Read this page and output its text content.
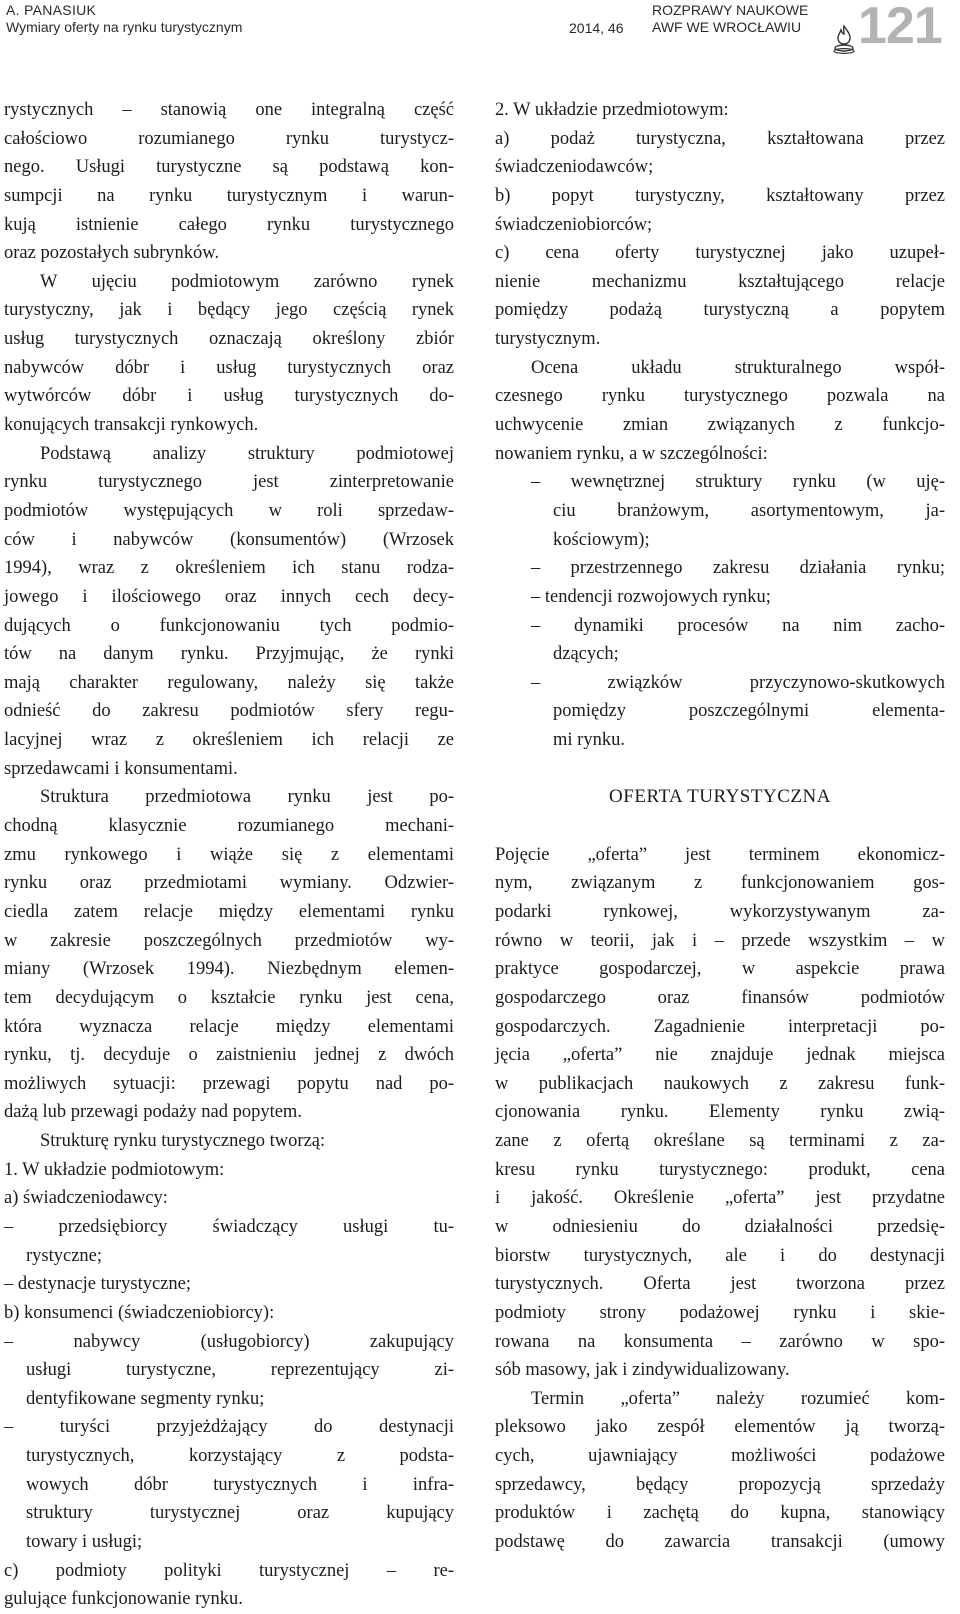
A. PANASIUK
Wymiary oferty na rynku turystycznym	2014, 46
ROZPRAWY NAUKOWE
AWF WE WROCŁAWIU 121
rystycznych – stanowią one integralną część
całościowo rozumianego rynku turystycz-
nego. Usługi turystyczne są podstawą kon-
sumpcji na rynku turystycznym i warun-
kują istnienie całego rynku turystycznego
oraz pozostałych subrynków.
W ujęciu podmiotowym zarówno rynek
turystyczny, jak i będący jego częścią rynek
usług turystycznych oznaczają określony zbiór
nabywców dóbr i usług turystycznych oraz
wytwórców dóbr i usług turystycznych do-
konujących transakcji rynkowych.
Podstawą analizy struktury podmiotowej
rynku turystycznego jest zinterpretowanie
podmiotów występujących w roli sprzedaw-
ców i nabywców (konsumentów) (Wrzosek
1994), wraz z określeniem ich stanu rodza-
jowego i ilościowego oraz innych cech decy-
dujących o funkcjonowaniu tych podmio-
tów na danym rynku. Przyjmując, że rynki
mają charakter regulowany, należy się także
odnieść do zakresu podmiotów sfery regu-
lacyjnej wraz z określeniem ich relacji ze
sprzedawcami i konsumentami.
Struktura przedmiotowa rynku jest po-
chodną klasycznie rozumianego mechani-
zmu rynkowego i wiąże się z elementami
rynku oraz przedmiotami wymiany. Odzwier-
ciedla zatem relacje między elementami rynku
w zakresie poszczególnych przedmiotów wy-
miany (Wrzosek 1994). Niezbędnym elemen-
tem decydującym o kształcie rynku jest cena,
która wyznacza relacje między elementami
rynku, tj. decyduje o zaistnieniu jednej z dwóch
możliwych sytuacji: przewagi popytu nad po-
dażą lub przewagi podaży nad popytem.
Strukturę rynku turystycznego tworzą:
1. W układzie podmiotowym:
a) świadczeniodawcy:
– przedsiębiorcy świadczący usługi tu-
rystyczne;
– destynacje turystyczne;
b) konsumenci (świadczeniobiorcy):
– nabywcy (usługobiorcy) zakupujący
usługi turystyczne, reprezentujący zi-
dentyfikowane segmenty rynku;
– turyści przyjeżdżający do destynacji
turystycznych, korzystający z podsta-
wowych dóbr turystycznych i infra-
struktury turystycznej oraz kupujący
towary i usługi;
c) podmioty polityki turystycznej – re-
gulujące funkcjonowanie rynku.
2. W układzie przedmiotowym:
a) podaż turystyczna, kształtowana przez
świadczeniodawców;
b) popyt turystyczny, kształtowany przez
świadczeniobiorców;
c) cena oferty turystycznej jako uzupeł-
nienie mechanizmu kształtującego relacje
pomiędzy podażą turystyczną a popytem
turystycznym.
Ocena układu strukturalnego współ-
czesnego rynku turystycznego pozwala na
uchwycenie zmian związanych z funkcjo-
nowaniem rynku, a w szczególności:
– wewnętrznej struktury rynku (w uję-
ciu branżowym, asortymentowym, ja-
kościowym);
– przestrzennego zakresu działania rynku;
– tendencji rozwojowych rynku;
– dynamiki procesów na nim zacho-
dzących;
– związków przyczynowo-skutkowych
pomiędzy poszczególnymi elementa-
mi rynku.
OFERTA TURYSTYCZNA
Pojęcie „oferta” jest terminem ekonomicz-
nym, związanym z funkcjonowaniem gos-
podarki rynkowej, wykorzystywanym za-
równo w teorii, jak i – przede wszystkim – w
praktyce gospodarczej, w aspekcie prawa
gospodarczego oraz finansów podmiotów
gospodarczych. Zagadnienie interpretacji po-
jęcia „oferta” nie znajduje jednak miejsca
w publikacjach naukowych z zakresu funk-
cjonowania rynku. Elementy rynku zwią-
zane z ofertą określane są terminami z za-
kresu rynku turystycznego: produkt, cena
i jakość. Określenie „oferta” jest przydatne
w odniesieniu do działalności przedsię-
biorstw turystycznych, ale i do destynacji
turystycznych. Oferta jest tworzona przez
podmioty strony podażowej rynku i skie-
rowana na konsumenta – zarówno w spo-
sób masowy, jak i zindywidualizowany.
Termin „oferta” należy rozumieć kom-
pleksowo jako zespół elementów ją tworzą-
cych, ujawniający możliwości podażowe
sprzedawcy, będący propozycją sprzedaży
produktów i zachętą do kupna, stanowiący
podstawę do zawarcia transakcji (umowy
